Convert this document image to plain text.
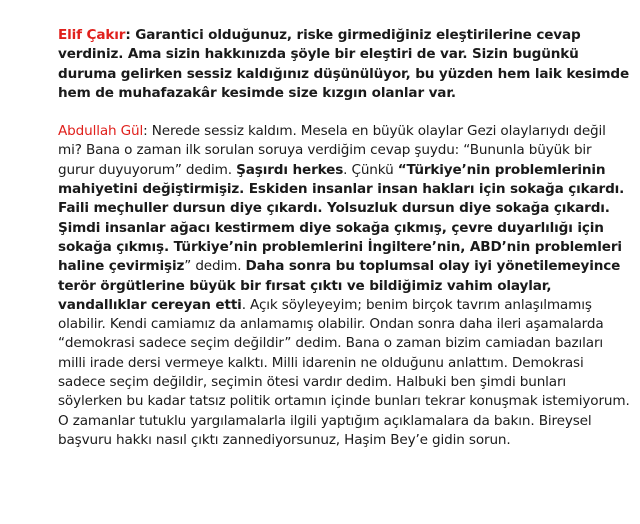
Elif Çakır: Garantici olduğunuz, riske girmediğiniz eleştirilerine cevap verdiniz. Ama sizin hakkınızda şöyle bir eleştiri de var. Sizin bugünkü duruma gelirken sessiz kaldığınız düşünülüyor, bu yüzden hem laik kesimde hem de muhafazakâr kesimde size kızgın olanlar var.

Abdullah Gül: Nerede sessiz kaldım. Mesela en büyük olaylar Gezi olaylarıydı değil mi? Bana o zaman ilk sorulan soruya verdiğim cevap şuydu: “Bununla büyük bir gurur duyuyorum” dedim. Şaşırdı herkes. Çünkü “Türkiye’nin problemlerinin mahiyetini değiştirmişiz. Eskiden insanlar insan hakları için sokağa çıkardı. Faili meçhuller dursun diye çıkardı. Yolsuzluk dursun diye sokağa çıkardı. Şimdi insanlar ağacı kestirmem diye sokağa çıkmış, çevre duyarlılığı için sokağa çıkmış. Türkiye’nin problemlerini İngiltere’nin, ABD’nin problemleri haline çevirmişiz” dedim. Daha sonra bu toplumsal olay iyi yönetilemeyince terör örgütlerine büyük bir fırsat çıktı ve bildiğimiz vahim olaylar, vandallıklar cereyan etti. Açık söyleyeyim; benim birçok tavrım anlaşılmamış olabilir. Kendi camiamız da anlamamış olabilir. Ondan sonra daha ileri aşamalarda “demokrasi sadece seçim değildir” dedim. Bana o zaman bizim camiadan bazıları milli irade dersi vermeye kalktı. Milli idarenin ne olduğunu anlattım. Demokrasi sadece seçim değildir, seçimin ötesi vardır dedim. Halbuki ben şimdi bunları söylerken bu kadar tatsız politik ortamın içinde bunları tekrar konuşmak istemiyorum. O zamanlar tutuklu yargılamalarla ilgili yaptığım açıklamalara da bakın. Bireysel başvuru hakkı nasıl çıktı zannediyorsunuz, Haşim Bey’e gidin sorun.
